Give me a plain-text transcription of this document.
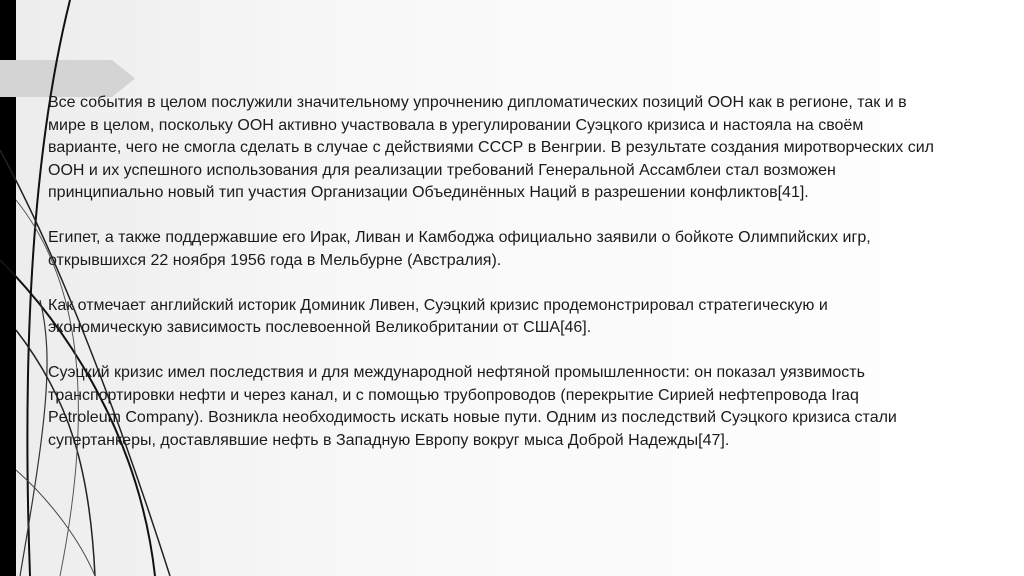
Все события в целом послужили значительному упрочнению дипломатических позиций ООН как в регионе, так и в
мире в целом, поскольку ООН активно участвовала в урегулировании Суэцкого кризиса и настояла на своём
варианте, чего не смогла сделать в случае с действиями СССР в Венгрии. В результате создания миротворческих сил
ООН и их успешного использования для реализации требований Генеральной Ассамблеи стал возможен
принципиально новый тип участия Организации Объединённых Наций в разрешении конфликтов[41].

Египет, а также поддержавшие его Ирак, Ливан и Камбоджа официально заявили о бойкоте Олимпийских игр,
открывшихся 22 ноября 1956 года в Мельбурне (Австралия).

Как отмечает английский историк Доминик Ливен, Суэцкий кризис продемонстрировал стратегическую и
экономическую зависимость послевоенной Великобритании от США[46].

Суэцкий кризис имел последствия и для международной нефтяной промышленности: он показал уязвимость
транспортировки нефти и через канал, и с помощью трубопроводов (перекрытие Сирией нефтепровода Iraq
Petroleum Company). Возникла необходимость искать новые пути. Одним из последствий Суэцкого кризиса стали
супертанкеры, доставлявшие нефть в Западную Европу вокруг мыса Доброй Надежды[47].
